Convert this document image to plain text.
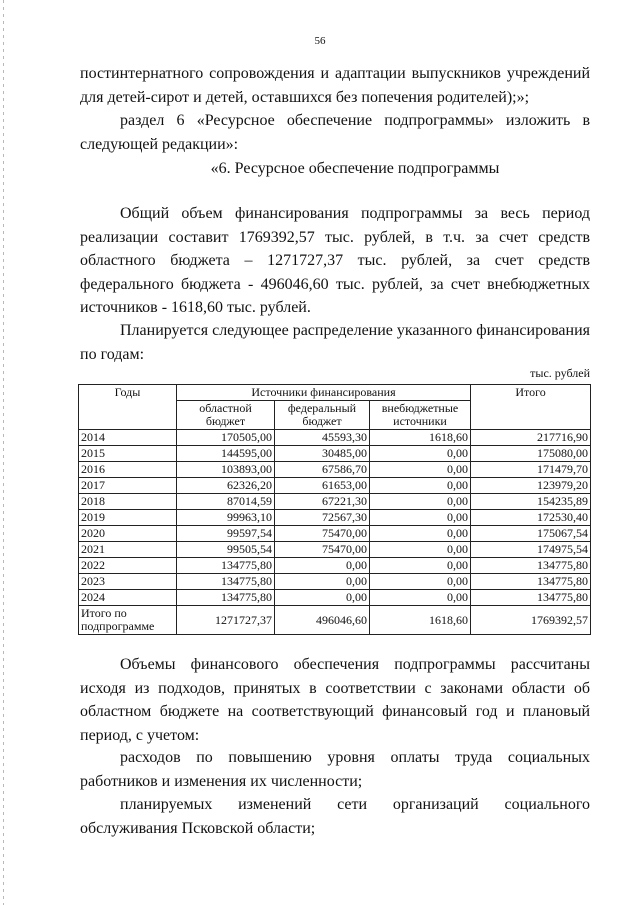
56

постинтернатного сопровождения и адаптации выпускников учреждений для детей-сирот и детей, оставшихся без попечения родителей);»;

раздел 6 «Ресурсное обеспечение подпрограммы» изложить в следующей редакции»:

«6. Ресурсное обеспечение подпрограммы

Общий объем финансирования подпрограммы за весь период реализации составит 1769392,57 тыс. рублей, в т.ч. за счет средств областного бюджета – 1271727,37 тыс. рублей, за счет средств федерального бюджета - 496046,60 тыс. рублей, за счет внебюджетных источников - 1618,60 тыс. рублей.

Планируется следующее распределение указанного финансирования по годам:

тыс. рублей
Годы	Источники финансирования			Итого
	областной бюджет	федеральный бюджет	внебюджетные источники	
2014	170505,00	45593,30	1618,60	217716,90
2015	144595,00	30485,00	0,00	175080,00
2016	103893,00	67586,70	0,00	171479,70
2017	62326,20	61653,00	0,00	123979,20
2018	87014,59	67221,30	0,00	154235,89
2019	99963,10	72567,30	0,00	172530,40
2020	99597,54	75470,00	0,00	175067,54
2021	99505,54	75470,00	0,00	174975,54
2022	134775,80	0,00	0,00	134775,80
2023	134775,80	0,00	0,00	134775,80
2024	134775,80	0,00	0,00	134775,80
Итого по подпрограмме	1271727,37	496046,60	1618,60	1769392,57

Объемы финансового обеспечения подпрограммы рассчитаны исходя из подходов, принятых в соответствии с законами области об областном бюджете на соответствующий финансовый год и плановый период, с учетом:

расходов по повышению уровня оплаты труда социальных работников и изменения их численности;

планируемых изменений сети организаций социального обслуживания Псковской области;
